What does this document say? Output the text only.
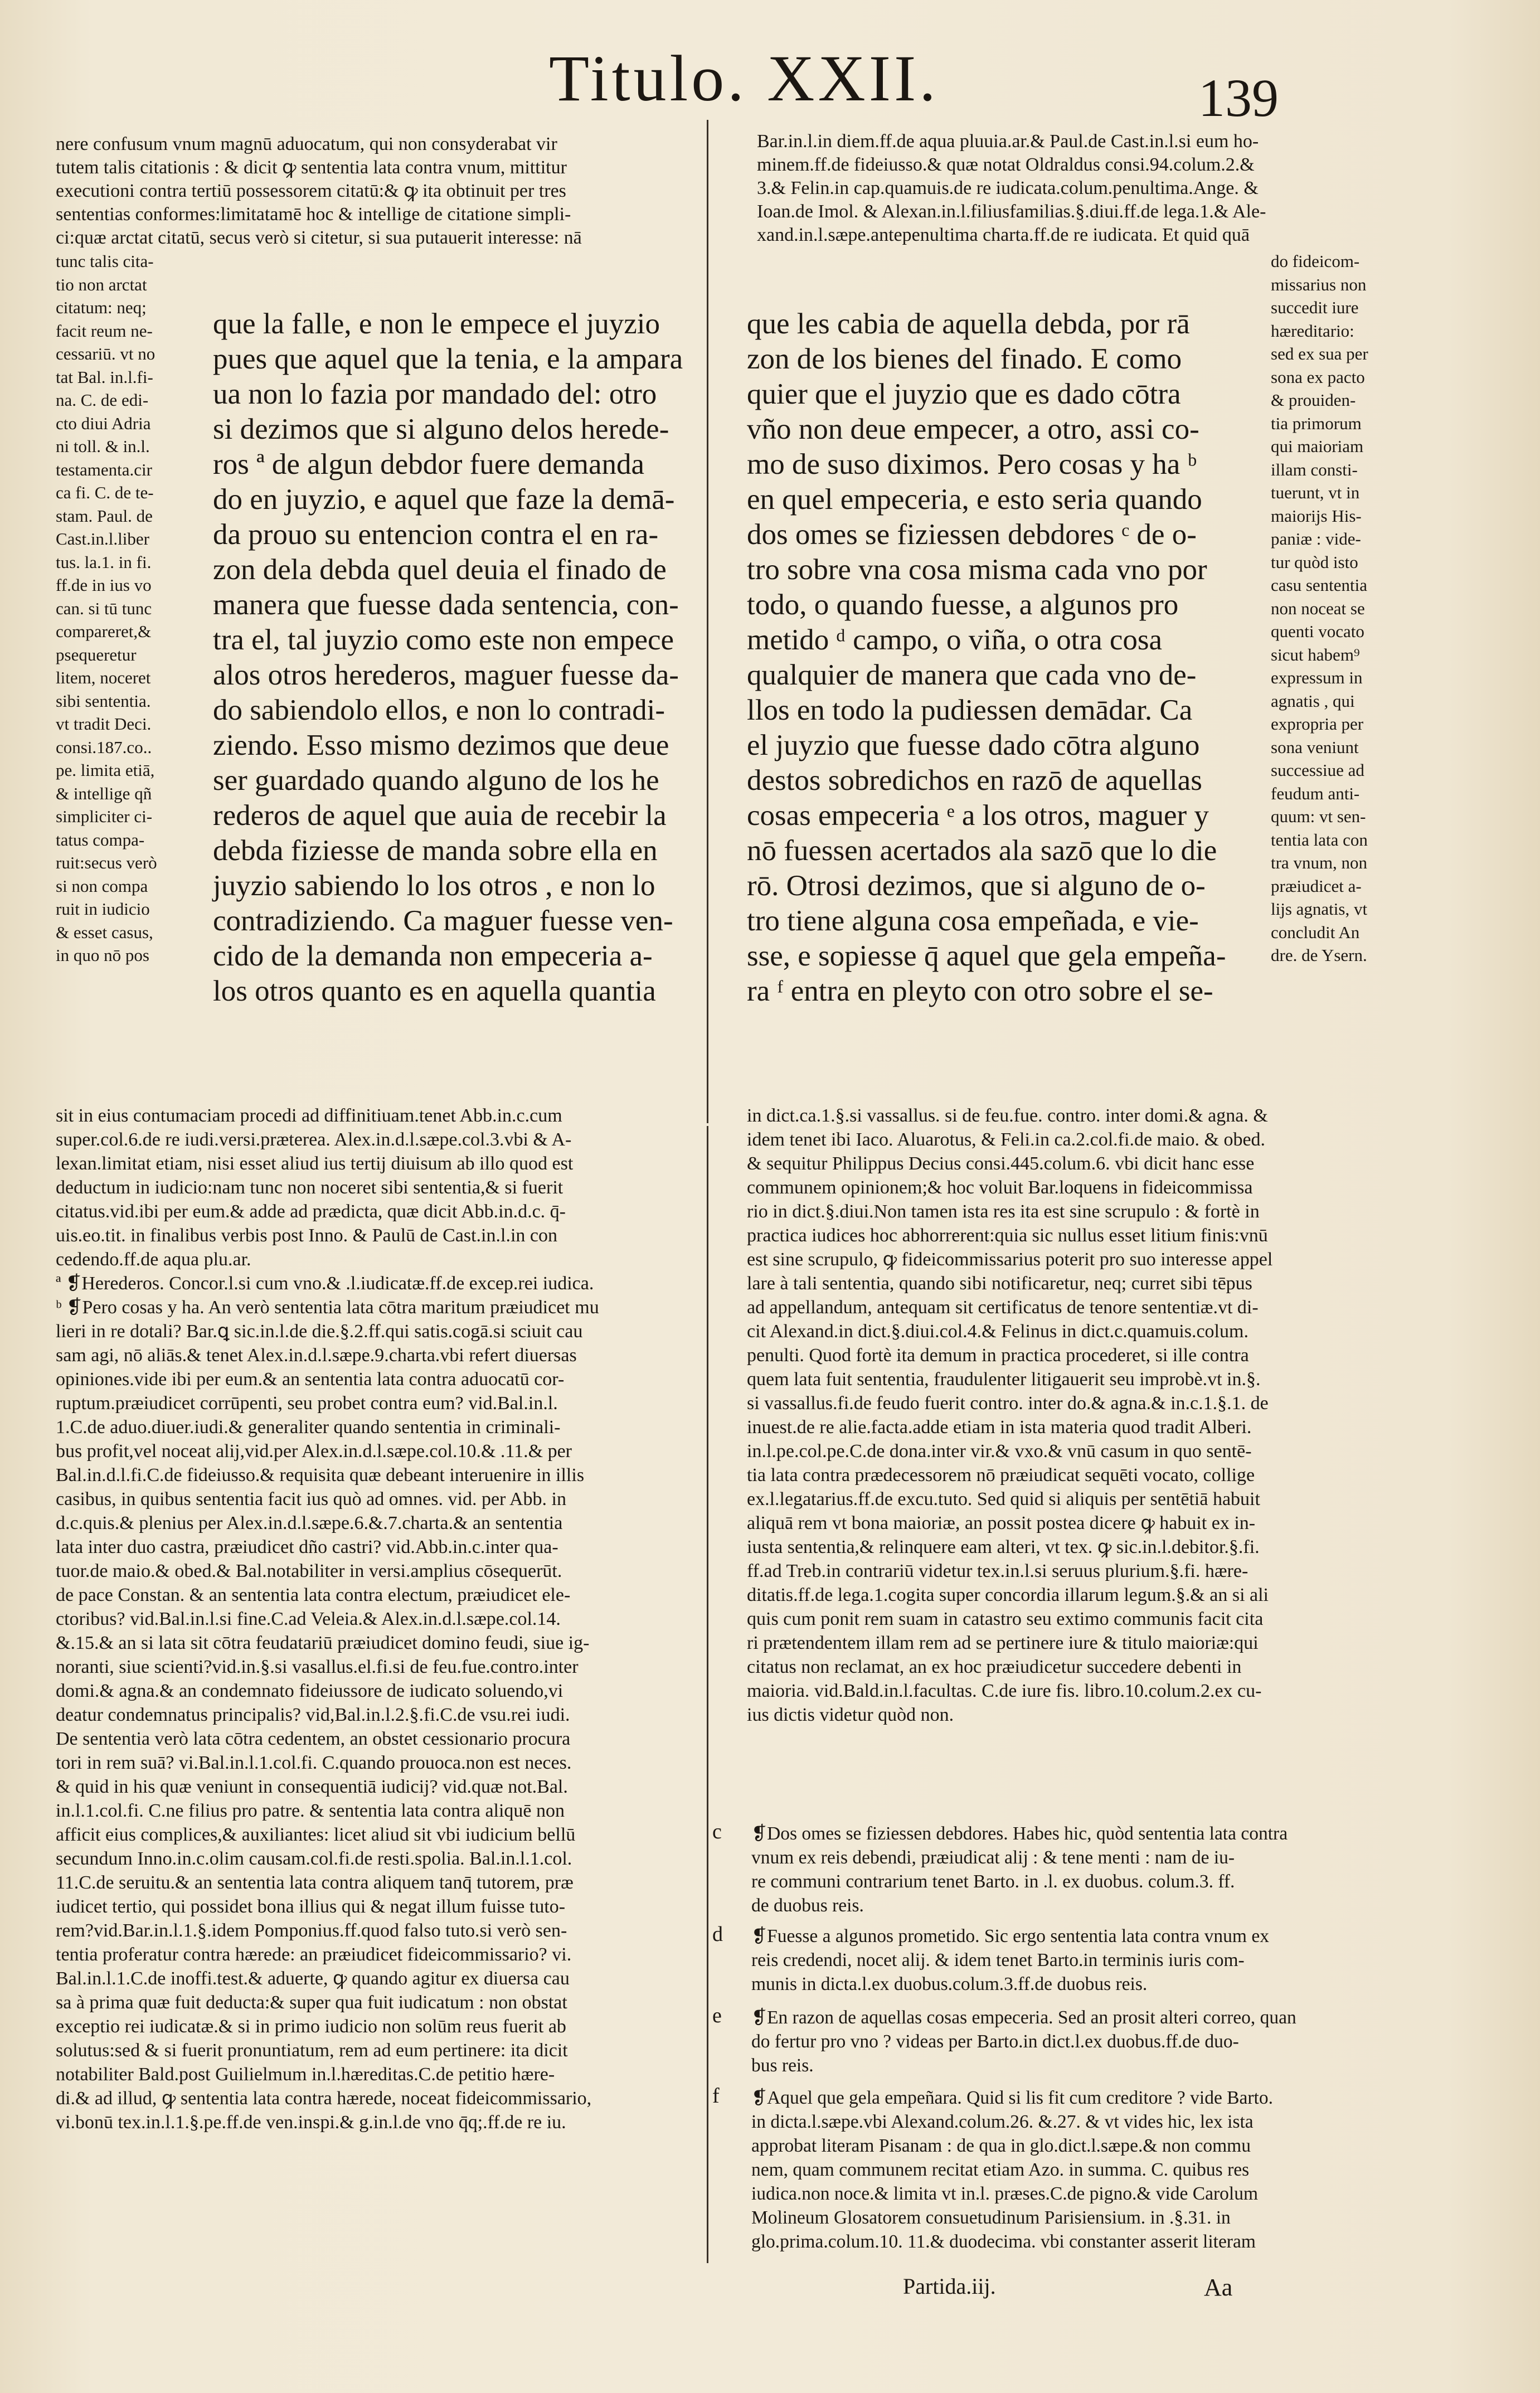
Titulo. XXII.	139
nere confusum vnum magnū aduocatum, qui non consyderabat vir
tutem talis citationis : & dicit ꝙ sententia lata contra vnum, mittitur
executioni contra tertiū possessorem citatū:& ꝙ ita obtinuit per tres
sententias conformes:limitatamē hoc & intellige de citatione simpli-
ci:quæ arctat citatū, secus verò si citetur, si sua putauerit interesse: nā
Bar.in.l.in diem.ff.de aqua pluuia.ar.& Paul.de Cast.in.l.si eum ho-
minem.ff.de fideiusso.& quæ notat Oldraldus consi.94.colum.2.&
3.& Felin.in cap.quamuis.de re iudicata.colum.penultima.Ange. &
Ioan.de Imol. & Alexan.in.l.filiusfamilias.§.diui.ff.de lega.1.& Ale-
xand.in.l.sæpe.antepenultima charta.ff.de re iudicata. Et quid quā
tunc talis cita-
tio non arctat
citatum: neq;
facit reum ne-
cessariū. vt no
tat Bal. in.l.fi-
na. C. de edi-
cto diui Adria
ni toll. & in.l.
testamenta.cir
ca fi. C. de te-
stam. Paul. de
Cast.in.l.liber
tus. la.1. in fi.
ff.de in ius vo
can. si tū tunc
compareret,&
psequeretur
litem, noceret
sibi sententia.
vt tradit Deci.
consi.187.co..
pe. limita etiā,
& intellige qñ
simpliciter ci-
tatus compa-
ruit:secus verò
si non compa
ruit in iudicio
& esset casus,
in quo nō pos
do fideicom-
missarius non
succedit iure
hæreditario:
sed ex sua per
sona ex pacto
& prouiden-
tia primorum
qui maioriam
illam consti-
tuerunt, vt in
maiorijs His-
paniæ : vide-
tur quòd isto
casu sententia
non noceat se
quenti vocato
sicut habem⁹
expressum in
agnatis , qui
expropria per
sona veniunt
successiue ad
feudum anti-
quum: vt sen-
tentia lata con
tra vnum, non
præiudicet a-
lijs agnatis, vt
concludit An
dre. de Ysern.
que la falle, e non le empece el juyzio
pues que aquel que la tenia, e la ampara
ua non lo fazia por mandado del: otro
si dezimos que si alguno delos herede-
ros ª de algun debdor fuere demanda
do en juyzio, e aquel que faze la demā-
da prouo su entencion contra el en ra-
zon dela debda quel deuia el finado de
manera que fuesse dada sentencia, con-
tra el, tal juyzio como este non empece
alos otros herederos, maguer fuesse da-
do sabiendolo ellos, e non lo contradi-
ziendo. Esso mismo dezimos que deue
ser guardado quando alguno de los he
rederos de aquel que auia de recebir la
debda fiziesse de manda sobre ella en
juyzio sabiendo lo los otros , e non lo
contradiziendo. Ca maguer fuesse ven-
cido de la demanda non empeceria a-
los otros quanto es en aquella quantia
que les cabia de aquella debda, por rā
zon de los bienes del finado. E como
quier que el juyzio que es dado cōtra
vño non deue empecer, a otro, assi co-
mo de suso diximos. Pero cosas y ha ᵇ
en quel empeceria, e esto seria quando
dos omes se fiziessen debdores ᶜ de o-
tro sobre vna cosa misma cada vno por
todo, o quando fuesse, a algunos pro
metido ᵈ campo, o viña, o otra cosa
qualquier de manera que cada vno de-
llos en todo la pudiessen demādar. Ca
el juyzio que fuesse dado cōtra alguno
destos sobredichos en razō de aquellas
cosas empeceria ᵉ a los otros, maguer y
nō fuessen acertados ala sazō que lo die
rō. Otrosi dezimos, que si alguno de o-
tro tiene alguna cosa empeñada, e vie-
sse, e sopiesse q̄ aquel que gela empeña-
ra ᶠ entra en pleyto con otro sobre el se-
sit in eius contumaciam procedi ad diffinitiuam.tenet Abb.in.c.cum
super.col.6.de re iudi.versi.præterea. Alex.in.d.l.sæpe.col.3.vbi & A-
lexan.limitat etiam, nisi esset aliud ius tertij diuisum ab illo quod est
deductum in iudicio:nam tunc non noceret sibi sententia,& si fuerit
citatus.vid.ibi per eum.& adde ad prædicta, quæ dicit Abb.in.d.c. q̄-
uis.eo.tit. in finalibus verbis post Inno. & Paulū de Cast.in.l.in con
cedendo.ff.de aqua plu.ar.
ª ❡Herederos. Concor.l.si cum vno.& .l.iudicatæ.ff.de excep.rei iudica.
ᵇ ❡Pero cosas y ha. An verò sententia lata cōtra maritum præiudicet mu
lieri in re dotali? Bar.ꝗ sic.in.l.de die.§.2.ff.qui satis.cogā.si sciuit cau
sam agi, nō aliās.& tenet Alex.in.d.l.sæpe.9.charta.vbi refert diuersas
opiniones.vide ibi per eum.& an sententia lata contra aduocatū cor-
ruptum.præiudicet corrūpenti, seu probet contra eum? vid.Bal.in.l.
1.C.de aduo.diuer.iudi.& generaliter quando sententia in criminali-
bus profit,vel noceat alij,vid.per Alex.in.d.l.sæpe.col.10.& .11.& per
Bal.in.d.l.fi.C.de fideiusso.& requisita quæ debeant interuenire in illis
casibus, in quibus sententia facit ius quò ad omnes. vid. per Abb. in
d.c.quis.& plenius per Alex.in.d.l.sæpe.6.&.7.charta.& an sententia
lata inter duo castra, præiudicet dño castri? vid.Abb.in.c.inter qua-
tuor.de maio.& obed.& Bal.notabiliter in versi.amplius cōsequerūt.
de pace Constan. & an sententia lata contra electum, præiudicet ele-
ctoribus? vid.Bal.in.l.si fine.C.ad Veleia.& Alex.in.d.l.sæpe.col.14.
&.15.& an si lata sit cōtra feudatariū præiudicet domino feudi, siue ig-
noranti, siue scienti?vid.in.§.si vasallus.el.fi.si de feu.fue.contro.inter
domi.& agna.& an condemnato fideiussore de iudicato soluendo,vi
deatur condemnatus principalis? vid,Bal.in.l.2.§.fi.C.de vsu.rei iudi.
De sententia verò lata cōtra cedentem, an obstet cessionario procura
tori in rem suā? vi.Bal.in.l.1.col.fi. C.quando prouoca.non est neces.
& quid in his quæ veniunt in consequentiā iudicij? vid.quæ not.Bal.
in.l.1.col.fi. C.ne filius pro patre. & sententia lata contra aliquē non
afficit eius complices,& auxiliantes: licet aliud sit vbi iudicium bellū
secundum Inno.in.c.olim causam.col.fi.de resti.spolia. Bal.in.l.1.col.
11.C.de seruitu.& an sententia lata contra aliquem tanq̄ tutorem, præ
iudicet tertio, qui possidet bona illius qui & negat illum fuisse tuto-
rem?vid.Bar.in.l.1.§.idem Pomponius.ff.quod falso tuto.si verò sen-
tentia proferatur contra hærede: an præiudicet fideicommissario? vi.
Bal.in.l.1.C.de inoffi.test.& aduerte, ꝙ quando agitur ex diuersa cau
sa à prima quæ fuit deducta:& super qua fuit iudicatum : non obstat
exceptio rei iudicatæ.& si in primo iudicio non solūm reus fuerit ab
solutus:sed & si fuerit pronuntiatum, rem ad eum pertinere: ita dicit
notabiliter Bald.post Guilielmum in.l.hæreditas.C.de petitio hære-
di.& ad illud, ꝙ sententia lata contra hærede, noceat fideicommissario,
vi.bonū tex.in.l.1.§.pe.ff.de ven.inspi.& g.in.l.de vno q̄q;.ff.de re iu.
in dict.ca.1.§.si vassallus. si de feu.fue. contro. inter domi.& agna. &
idem tenet ibi Iaco. Aluarotus, & Feli.in ca.2.col.fi.de maio. & obed.
& sequitur Philippus Decius consi.445.colum.6. vbi dicit hanc esse
communem opinionem;& hoc voluit Bar.loquens in fideicommissa
rio in dict.§.diui.Non tamen ista res ita est sine scrupulo : & fortè in
practica iudices hoc abhorrerent:quia sic nullus esset litium finis:vnū
est sine scrupulo, ꝙ fideicommissarius poterit pro suo interesse appel
lare à tali sententia, quando sibi notificaretur, neq; curret sibi tēpus
ad appellandum, antequam sit certificatus de tenore sententiæ.vt di-
cit Alexand.in dict.§.diui.col.4.& Felinus in dict.c.quamuis.colum.
penulti. Quod fortè ita demum in practica procederet, si ille contra
quem lata fuit sententia, fraudulenter litigauerit seu improbè.vt in.§.
si vassallus.fi.de feudo fuerit contro. inter do.& agna.& in.c.1.§.1. de
inuest.de re alie.facta.adde etiam in ista materia quod tradit Alberi.
in.l.pe.col.pe.C.de dona.inter vir.& vxo.& vnū casum in quo sentē-
tia lata contra prædecessorem nō præiudicat sequēti vocato, collige
ex.l.legatarius.ff.de excu.tuto. Sed quid si aliquis per sentētiā habuit
aliquā rem vt bona maioriæ, an possit postea dicere ꝙ habuit ex in-
iusta sententia,& relinquere eam alteri, vt tex. ꝙ sic.in.l.debitor.§.fi.
ff.ad Treb.in contrariū videtur tex.in.l.si seruus plurium.§.fi. hære-
ditatis.ff.de lega.1.cogita super concordia illarum legum.§.& an si ali
quis cum ponit rem suam in catastro seu extimo communis facit cita
ri prætendentem illam rem ad se pertinere iure & titulo maioriæ:qui
citatus non reclamat, an ex hoc præiudicetur succedere debenti in
maioria. vid.Bald.in.l.facultas. C.de iure fis. libro.10.colum.2.ex cu-
ius dictis videtur quòd non.
c ❡Dos omes se fiziessen debdores. Habes hic, quòd sententia lata contra
vnum ex reis debendi, præiudicat alij : & tene menti : nam de iu-
re communi contrarium tenet Barto. in .l. ex duobus. colum.3. ff.
de duobus reis.
d ❡Fuesse a algunos prometido. Sic ergo sententia lata contra vnum ex
reis credendi, nocet alij. & idem tenet Barto.in terminis iuris com-
munis in dicta.l.ex duobus.colum.3.ff.de duobus reis.
e ❡En razon de aquellas cosas empeceria. Sed an prosit alteri correo, quan
do fertur pro vno ? videas per Barto.in dict.l.ex duobus.ff.de duo-
bus reis.
f ❡Aquel que gela empeñara. Quid si lis fit cum creditore ? vide Barto.
in dicta.l.sæpe.vbi Alexand.colum.26. &.27. & vt vides hic, lex ista
approbat literam Pisanam : de qua in glo.dict.l.sæpe.& non commu
nem, quam communem recitat etiam Azo. in summa. C. quibus res
iudica.non noce.& limita vt in.l. præses.C.de pigno.& vide Carolum
Molineum Glosatorem consuetudinum Parisiensium. in .§.31. in
glo.prima.colum.10. 11.& duodecima. vbi constanter asserit literam
Partida.iij.	Aa
